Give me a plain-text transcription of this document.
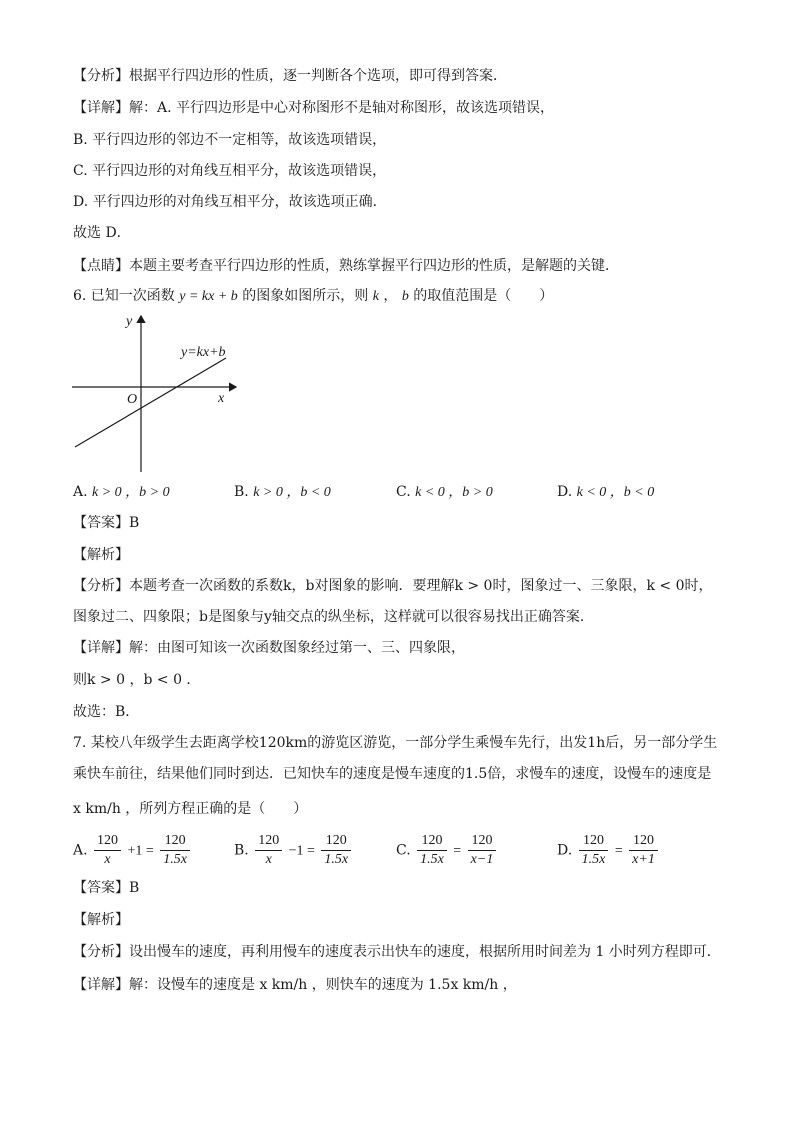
【分析】根据平行四边形的性质，逐一判断各个选项，即可得到答案．
【详解】解：A. 平行四边形是中心对称图形不是轴对称图形，故该选项错误，
B. 平行四边形的邻边不一定相等，故该选项错误，
C. 平行四边形的对角线互相平分，故该选项错误，
D. 平行四边形的对角线互相平分，故该选项正确．
故选 D．
【点睛】本题主要考查平行四边形的性质，熟练掌握平行四边形的性质，是解题的关键．
6. 已知一次函数 y = kx + b 的图象如图所示，则 k ， b 的取值范围是（　　）
y
x
O
y=kx+b
A. k > 0 ，b > 0	B. k > 0 ，b < 0	C. k < 0 ，b > 0	D. k < 0 ，b < 0
【答案】B
【解析】
【分析】本题考查一次函数的系数k，b对图象的影响．要理解k > 0时，图象过一、三象限，k < 0时，
图象过二、四象限；b是图象与y轴交点的纵坐标，这样就可以很容易找出正确答案．
【详解】解：由图可知该一次函数图象经过第一、三、四象限，
则k > 0 ，b < 0 ．
故选：B．
7. 某校八年级学生去距离学校120km的游览区游览，一部分学生乘慢车先行，出发1h后，另一部分学生
乘快车前往，结果他们同时到达．已知快车的速度是慢车速度的1.5倍，求慢车的速度，设慢车的速度是
x km/h ，所列方程正确的是（　　）
A. $\frac{120}{x} +1 = \frac{120}{1.5x}$	B. $\frac{120}{x} -1 = \frac{120}{1.5x}$	C. $\frac{120}{1.5x} = \frac{120}{x-1}$	D. $\frac{120}{1.5x} = \frac{120}{x+1}$
【答案】B
【解析】
【分析】设出慢车的速度，再利用慢车的速度表示出快车的速度，根据所用时间差为 1 小时列方程即可．
【详解】解：设慢车的速度是 x km/h ，则快车的速度为 1.5x km/h ，
